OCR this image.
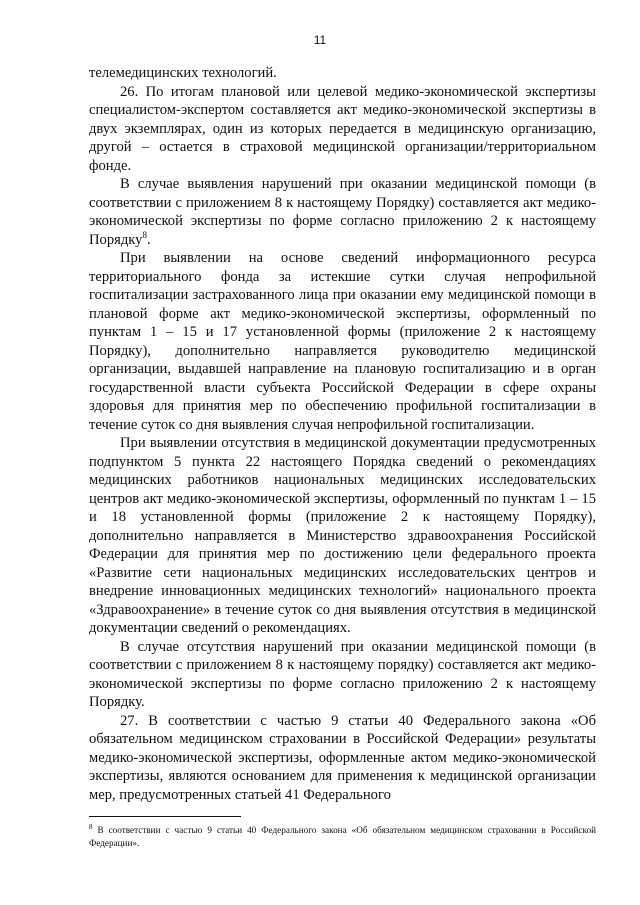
11

телемедицинских технологий.

26. По итогам плановой или целевой медико-экономической экспертизы специалистом-экспертом составляется акт медико-экономической экспертизы в двух экземплярах, один из которых передается в медицинскую организацию, другой – остается в страховой медицинской организации/территориальном фонде.

В случае выявления нарушений при оказании медицинской помощи (в соответствии с приложением 8 к настоящему Порядку) составляется акт медико-экономической экспертизы по форме согласно приложению 2 к настоящему Порядку$^8$.

При выявлении на основе сведений информационного ресурса территориального фонда за истекшие сутки случая непрофильной госпитализации застрахованного лица при оказании ему медицинской помощи в плановой форме акт медико-экономической экспертизы, оформленный по пунктам 1 – 15 и 17 установленной формы (приложение 2 к настоящему Порядку), дополнительно направляется руководителю медицинской организации, выдавшей направление на плановую госпитализацию и в орган государственной власти субъекта Российской Федерации в сфере охраны здоровья для принятия мер по обеспечению профильной госпитализации в течение суток со дня выявления случая непрофильной госпитализации.

При выявлении отсутствия в медицинской документации предусмотренных подпунктом 5 пункта 22 настоящего Порядка сведений о рекомендациях медицинских работников национальных медицинских исследовательских центров акт медико-экономической экспертизы, оформленный по пунктам 1 – 15 и 18 установленной формы (приложение 2 к настоящему Порядку), дополнительно направляется в Министерство здравоохранения Российской Федерации для принятия мер по достижению цели федерального проекта «Развитие сети национальных медицинских исследовательских центров и внедрение инновационных медицинских технологий» национального проекта «Здравоохранение» в течение суток со дня выявления отсутствия в медицинской документации сведений о рекомендациях.

В случае отсутствия нарушений при оказании медицинской помощи (в соответствии с приложением 8 к настоящему порядку) составляется акт медико-экономической экспертизы по форме согласно приложению 2 к настоящему Порядку.

27. В соответствии с частью 9 статьи 40 Федерального закона «Об обязательном медицинском страховании в Российской Федерации» результаты медико-экономической экспертизы, оформленные актом медико-экономической экспертизы, являются основанием для применения к медицинской организации мер, предусмотренных статьей 41 Федерального

$^8$ В соответствии с частью 9 статьи 40 Федерального закона «Об обязательном медицинском страховании в Российской Федерации».
